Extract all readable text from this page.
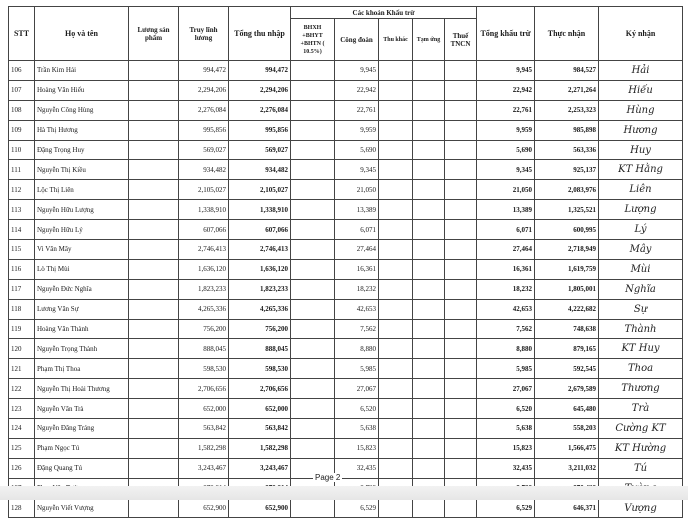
STT	Họ và tên	Lương sản phẩm	Truy lĩnh lương	Tổng thu nhập	Các khoản Khấu trừ					Tổng khấu trừ	Thực nhận	Ký nhận
					BHXH +BHYT +BHTN ( 10.5%)	Công đoàn	Thu khác	Tạm ứng	Thuế TNCN			
106	Trần Kim Hải		994,472	994,472		9,945				9,945	984,527	Hải
107	Hoàng Văn Hiếu		2,294,206	2,294,206		22,942				22,942	2,271,264	Hiếu
108	Nguyễn Công Hùng		2,276,084	2,276,084		22,761				22,761	2,253,323	Hùng
109	Hà Thị Hương		995,856	995,856		9,959				9,959	985,898	Hương
110	Đặng Trọng Huy		569,027	569,027		5,690				5,690	563,336	Huy
111	Nguyễn Thị Kiều		934,482	934,482		9,345				9,345	925,137	KT Hằng
112	Lộc Thị Liên		2,105,027	2,105,027		21,050				21,050	2,083,976	Liên
113	Nguyễn Hữu Lượng		1,338,910	1,338,910		13,389				13,389	1,325,521	Lượng
114	Nguyễn Hữu Lý		607,066	607,066		6,071				6,071	600,995	Lý
115	Vi Văn Mây		2,746,413	2,746,413		27,464				27,464	2,718,949	Mây
116	Lò Thị Mùi		1,636,120	1,636,120		16,361				16,361	1,619,759	Mùi
117	Nguyễn Đức Nghĩa		1,823,233	1,823,233		18,232				18,232	1,805,001	Nghĩa
118	Lương Văn Sự		4,265,336	4,265,336		42,653				42,653	4,222,682	Sự
119	Hoàng Văn Thành		756,200	756,200		7,562				7,562	748,638	Thành
120	Nguyễn Trọng Thành		888,045	888,045		8,880				8,880	879,165	KT Huy
121	Phạm Thị Thoa		598,530	598,530		5,985				5,985	592,545	Thoa
122	Nguyễn Thị Hoài Thương		2,706,656	2,706,656		27,067				27,067	2,679,589	Thương
123	Nguyễn Văn Trà		652,000	652,000		6,520				6,520	645,480	Trà
124	Nguyễn Đăng Tráng		563,842	563,842		5,638				5,638	558,203	Cường KT
125	Phạm Ngọc Tú		1,582,298	1,582,298		15,823				15,823	1,566,475	KT Hường
126	Đặng Quang Tú		3,243,467	3,243,467		32,435				32,435	3,211,032	Tú

128	Nguyễn Viết Vượng		652,900	652,900		6,529				6,529	646,371	Vượng
Page 2
